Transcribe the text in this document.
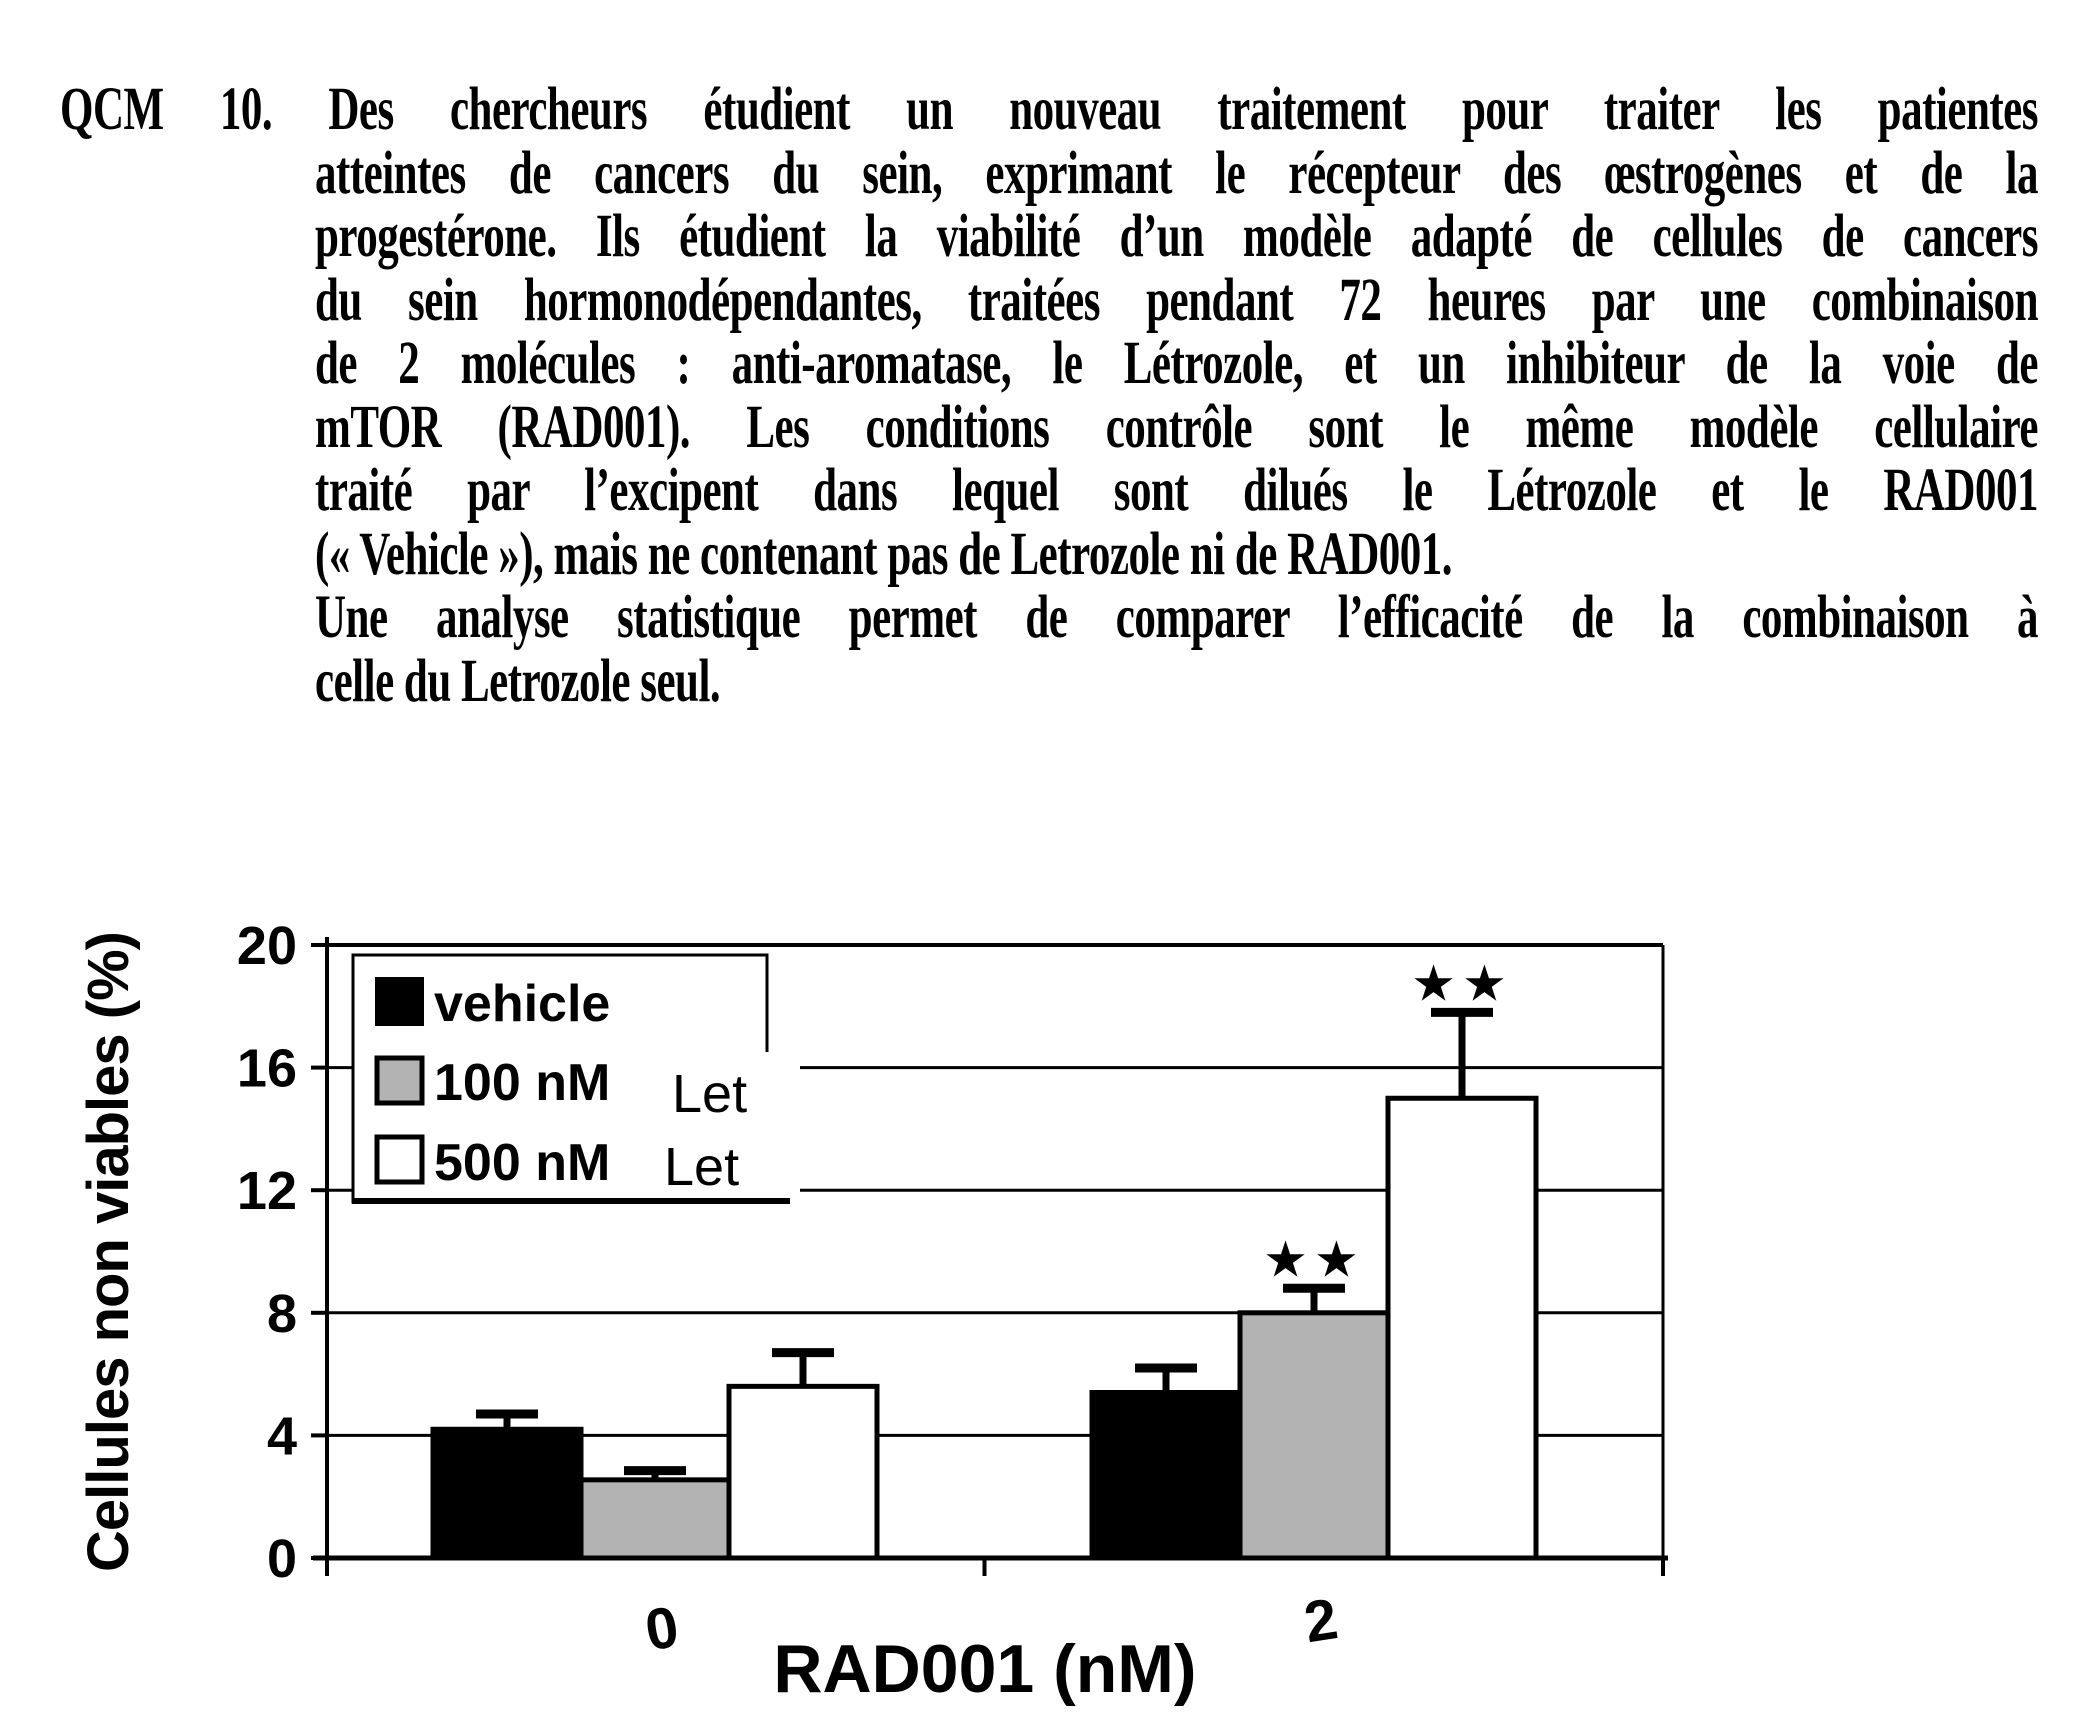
QCM 10. Des chercheurs étudient un nouveau traitement pour traiter les patientes
atteintes de cancers du sein, exprimant le récepteur des œstrogènes et de la
progestérone. Ils étudient la viabilité d’un modèle adapté de cellules de cancers
du sein hormonodépendantes, traitées pendant 72 heures par une combinaison
de 2 molécules : anti-aromatase, le Létrozole, et un inhibiteur de la voie de
mTOR (RAD001). Les conditions contrôle sont le même modèle cellulaire
traité par l’excipent dans lequel sont dilués le Létrozole et le RAD001
(« Vehicle »), mais ne contenant pas de Letrozole ni de RAD001.
Une analyse statistique permet de comparer l’efficacité de la combinaison à
celle du Letrozole seul.
0
4
8
12
16
20
vehicle
100 nM Let
500 nM Let
★★
★★
0	2
RAD001 (nM)
Cellules non viables (%)
